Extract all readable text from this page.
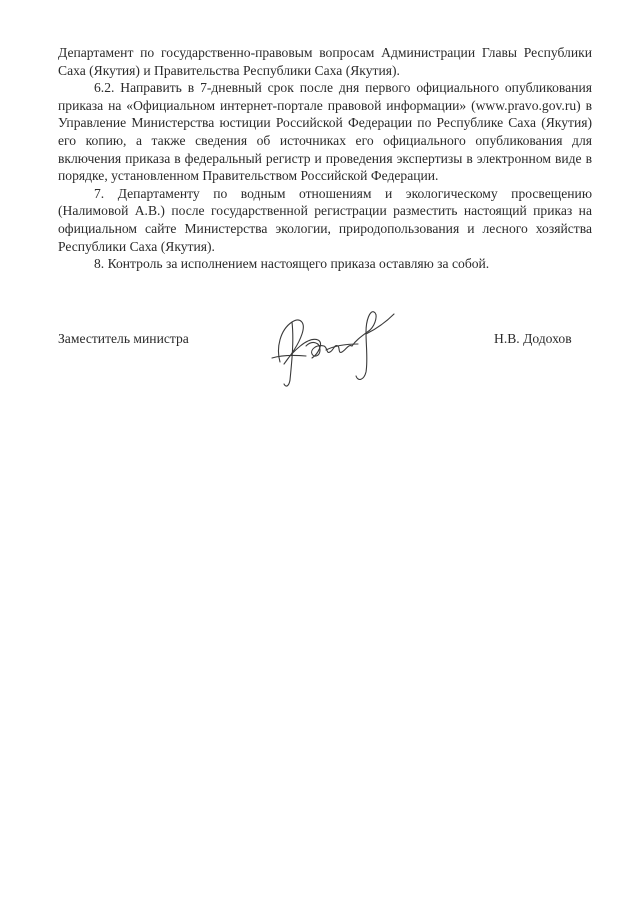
Департамент по государственно-правовым вопросам Администрации Главы Республики Саха (Якутия) и Правительства Республики Саха (Якутия).

6.2. Направить в 7-дневный срок после дня первого официального опубликования приказа на «Официальном интернет-портале правовой информации» (www.pravo.gov.ru) в Управление Министерства юстиции Российской Федерации по Республике Саха (Якутия) его копию, а также сведения об источниках его официального опубликования для включения приказа в федеральный регистр и проведения экспертизы в электронном виде в порядке, установленном Правительством Российской Федерации.

7. Департаменту по водным отношениям и экологическому просвещению (Налимовой А.В.) после государственной регистрации разместить настоящий приказ на официальном сайте Министерства экологии, природопользования и лесного хозяйства Республики Саха (Якутия).

8. Контроль за исполнением настоящего приказа оставляю за собой.

Заместитель министра	Н.В. Додохов
